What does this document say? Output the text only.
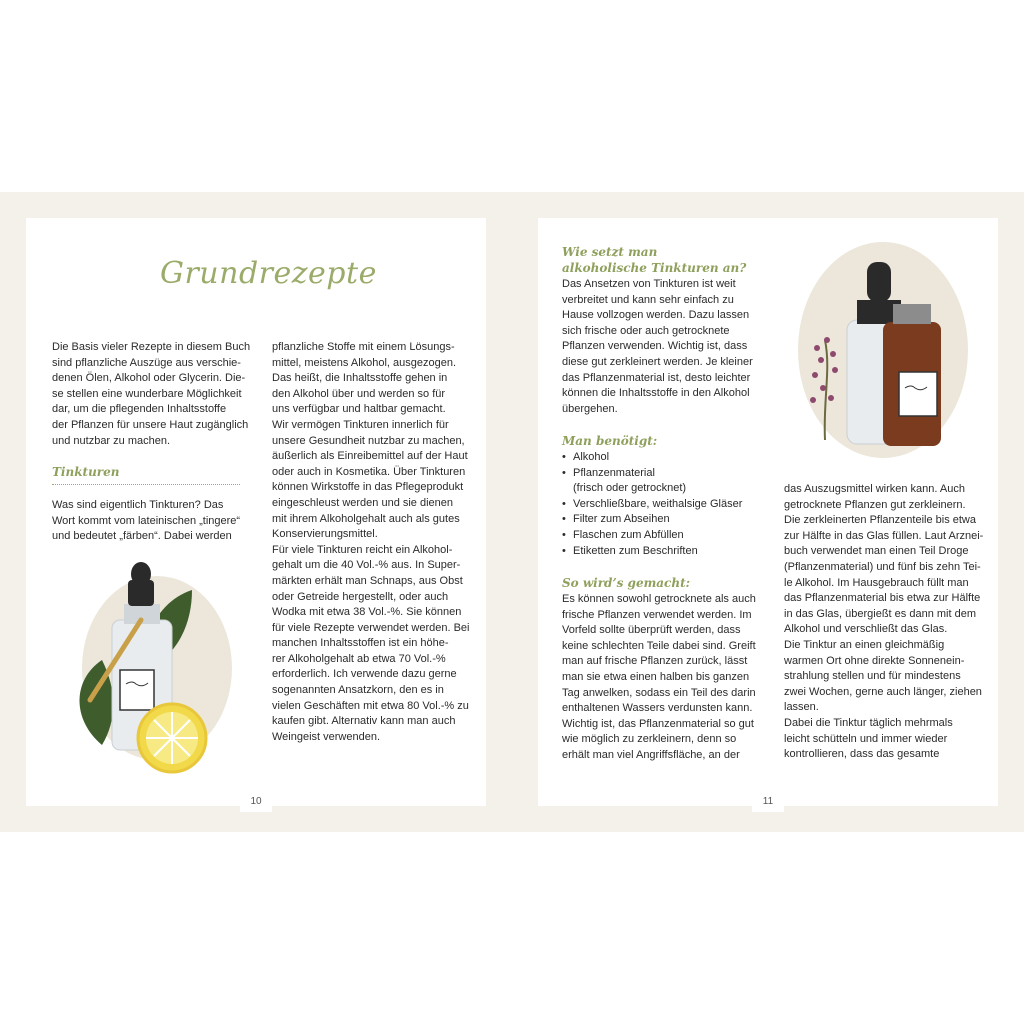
Grundrezepte
Die Basis vieler Rezepte in diesem Buch
sind pflanzliche Auszüge aus verschie-
denen Ölen, Alkohol oder Glycerin. Die-
se stellen eine wunderbare Möglichkeit
dar, um die pflegenden Inhaltsstoffe
der Pflanzen für unsere Haut zugänglich
und nutzbar zu machen.
Tinkturen
Was sind eigentlich Tinkturen? Das
Wort kommt vom lateinischen „tingere“
und bedeutet „färben“. Dabei werden
pflanzliche Stoffe mit einem Lösungs-
mittel, meistens Alkohol, ausgezogen.
Das heißt, die Inhaltsstoffe gehen in
den Alkohol über und werden so für
uns verfügbar und haltbar gemacht.
Wir vermögen Tinkturen innerlich für
unsere Gesundheit nutzbar zu machen,
äußerlich als Einreibemittel auf der Haut
oder auch in Kosmetika. Über Tinkturen
können Wirkstoffe in das Pflegeprodukt
eingeschleust werden und sie dienen
mit ihrem Alkoholgehalt auch als gutes
Konservierungsmittel.
Für viele Tinkturen reicht ein Alkohol-
gehalt um die 40 Vol.-% aus. In Super-
märkten erhält man Schnaps, aus Obst
oder Getreide hergestellt, oder auch
Wodka mit etwa 38 Vol.-%. Sie können
für viele Rezepte verwendet werden. Bei
manchen Inhaltsstoffen ist ein höhe-
rer Alkoholgehalt ab etwa 70 Vol.-%
erforderlich. Ich verwende dazu gerne
sogenannten Ansatzkorn, den es in
vielen Geschäften mit etwa 80 Vol.-% zu
kaufen gibt. Alternativ kann man auch
Weingeist verwenden.
10
Wie setzt man
alkoholische Tinkturen an?
Das Ansetzen von Tinkturen ist weit
verbreitet und kann sehr einfach zu
Hause vollzogen werden. Dazu lassen
sich frische oder auch getrocknete
Pflanzen verwenden. Wichtig ist, dass
diese gut zerkleinert werden. Je kleiner
das Pflanzenmaterial ist, desto leichter
können die Inhaltsstoffe in den Alkohol
übergehen.
Man benötigt:
• Alkohol
• Pflanzenmaterial
(frisch oder getrocknet)
• Verschließbare, weithalsige Gläser
• Filter zum Abseihen
• Flaschen zum Abfüllen
• Etiketten zum Beschriften
So wird’s gemacht:
Es können sowohl getrocknete als auch
frische Pflanzen verwendet werden. Im
Vorfeld sollte überprüft werden, dass
keine schlechten Teile dabei sind. Greift
man auf frische Pflanzen zurück, lässt
man sie etwa einen halben bis ganzen
Tag anwelken, sodass ein Teil des darin
enthaltenen Wassers verdunsten kann.
Wichtig ist, das Pflanzenmaterial so gut
wie möglich zu zerkleinern, denn so
erhält man viel Angriffsfläche, an der
das Auszugsmittel wirken kann. Auch
getrocknete Pflanzen gut zerkleinern.
Die zerkleinerten Pflanzenteile bis etwa
zur Hälfte in das Glas füllen. Laut Arznei-
buch verwendet man einen Teil Droge
(Pflanzenmaterial) und fünf bis zehn Tei-
le Alkohol. Im Hausgebrauch füllt man
das Pflanzenmaterial bis etwa zur Hälfte
in das Glas, übergießt es dann mit dem
Alkohol und verschließt das Glas.
Die Tinktur an einen gleichmäßig
warmen Ort ohne direkte Sonnenein-
strahlung stellen und für mindestens
zwei Wochen, gerne auch länger, ziehen
lassen.
Dabei die Tinktur täglich mehrmals
leicht schütteln und immer wieder
kontrollieren, dass das gesamte
11
